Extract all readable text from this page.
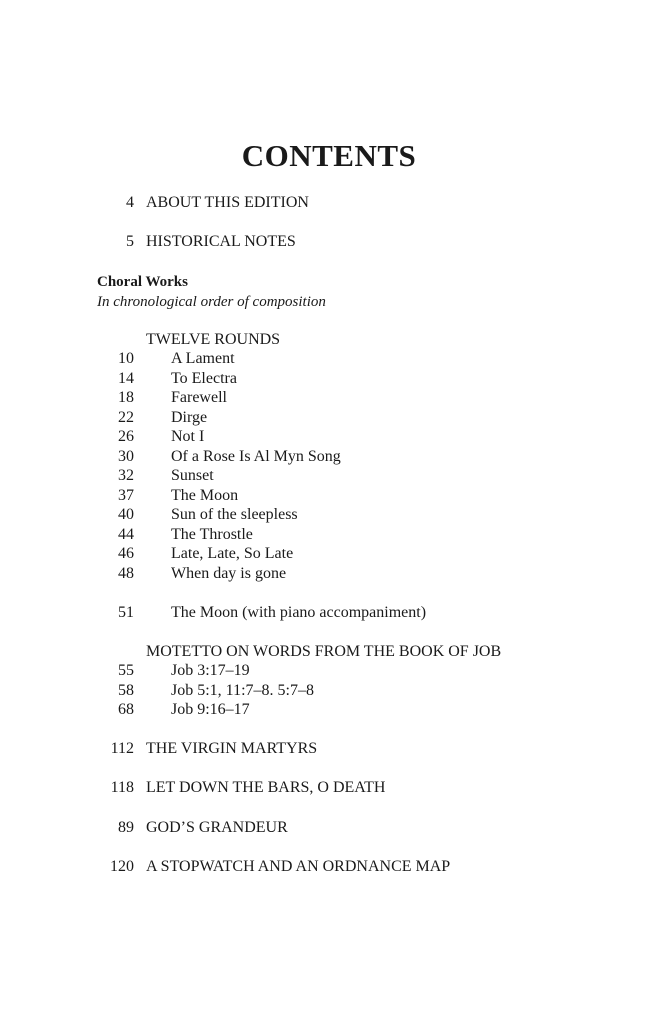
CONTENTS
4 ABOUT THIS EDITION
5 HISTORICAL NOTES
Choral Works
In chronological order of composition
TWELVE ROUNDS
10 A Lament
14 To Electra
18 Farewell
22 Dirge
26 Not I
30 Of a Rose Is Al Myn Song
32 Sunset
37 The Moon
40 Sun of the sleepless
44 The Throstle
46 Late, Late, So Late
48 When day is gone
51 The Moon (with piano accompaniment)
MOTETTO ON WORDS FROM THE BOOK OF JOB
55 Job 3:17–19
58 Job 5:1, 11:7–8. 5:7–8
68 Job 9:16–17
112 THE VIRGIN MARTYRS
118 LET DOWN THE BARS, O DEATH
89 GOD’S GRANDEUR
120 A STOPWATCH AND AN ORDNANCE MAP
